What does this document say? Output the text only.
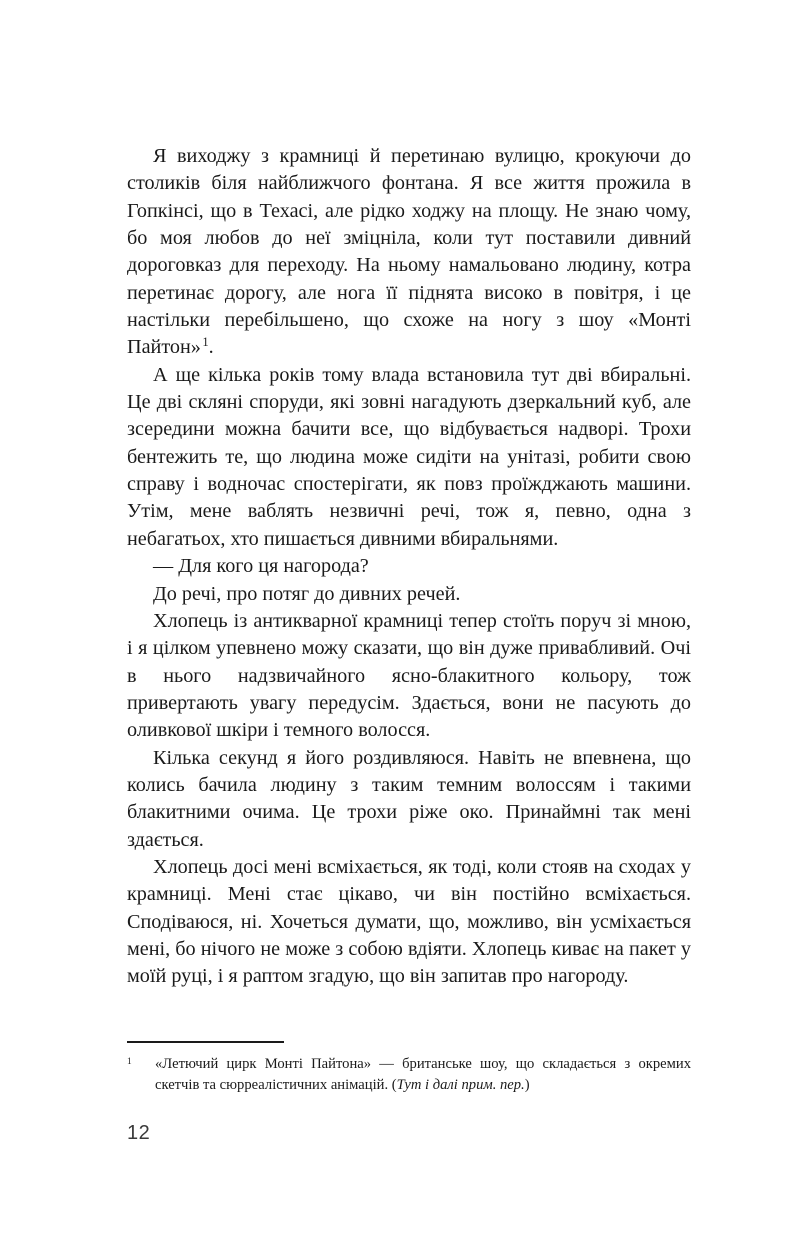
Я виходжу з крамниці й перетинаю вулицю, крокуючи до столиків біля найближчого фонтана. Я все життя прожила в Гопкінсі, що в Техасі, але рідко ходжу на площу. Не знаю чому, бо моя любов до неї зміцніла, коли тут поставили дивний дороговказ для переходу. На ньому намальовано людину, котра перетинає дорогу, але нога її піднята високо в повітря, і це настільки перебільшено, що схоже на ногу з шоу «Монті Пайтон» $^1$.

А ще кілька років тому влада встановила тут дві вбиральні. Це дві скляні споруди, які зовні нагадують дзеркальний куб, але зсередини можна бачити все, що відбувається надворі. Трохи бентежить те, що людина може сидіти на унітазі, робити свою справу і водночас спостерігати, як повз проїжджають машини. Утім, мене ваблять незвичні речі, тож я, певно, одна з небагатьох, хто пишається дивними вбиральнями.

— Для кого ця нагорода?

До речі, про потяг до дивних речей.

Хлопець із антикварної крамниці тепер стоїть поруч зі мною, і я цілком упевнено можу сказати, що він дуже привабливий. Очі в нього надзвичайного ясно-блакитного кольору, тож привертають увагу передусім. Здається, вони не пасують до оливкової шкіри і темного волосся.

Кілька секунд я його роздивляюся. Навіть не впевнена, що колись бачила людину з таким темним волоссям і такими блакитними очима. Це трохи ріже око. Принаймні так мені здається.

Хлопець досі мені всміхається, як тоді, коли стояв на сходах у крамниці. Мені стає цікаво, чи він постійно всміхається. Сподіваюся, ні. Хочеться думати, що, можливо, він усміхається мені, бо нічого не може з собою вдіяти. Хлопець киває на пакет у моїй руці, і я раптом згадую, що він запитав про нагороду.

1 «Летючий цирк Монті Пайтона» — британське шоу, що складається з окремих скетчів та сюрреалістичних анімацій. (Тут і далі прим. пер.)
12
